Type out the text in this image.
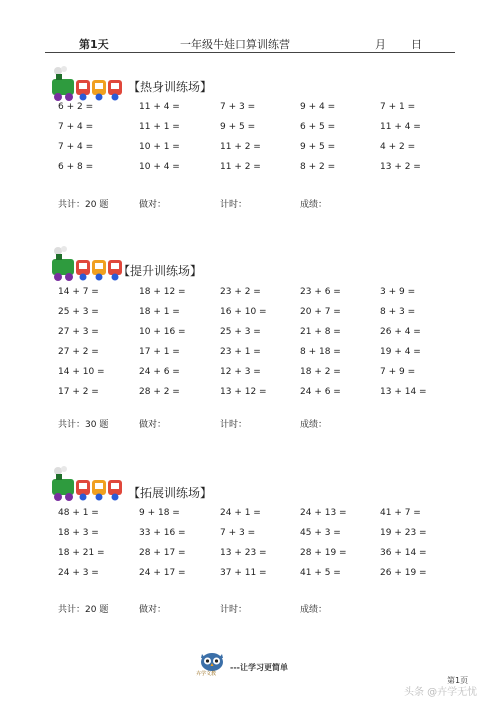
第1天	一年级牛娃口算训练营	月 日
【热身训练场】
6 + 2 =	11 + 4 =	7 + 3 =	9 + 4 =	7 + 1 =
7 + 4 =	11 + 1 =	9 + 5 =	6 + 5 =	11 + 4 =
7 + 4 =	10 + 1 =	11 + 2 =	9 + 5 =	4 + 2 =
6 + 8 =	10 + 4 =	11 + 2 =	8 + 2 =	13 + 2 =
共计：20 题	做对：	计时：	成绩：
【提升训练场】
14 + 7 =	18 + 12 =	23 + 2 =	23 + 6 =	3 + 9 =
25 + 3 =	18 + 1 =	16 + 10 =	20 + 7 =	8 + 3 =
27 + 3 =	10 + 16 =	25 + 3 =	21 + 8 =	26 + 4 =
27 + 2 =	17 + 1 =	23 + 1 =	8 + 18 =	19 + 4 =
14 + 10 =	24 + 6 =	12 + 3 =	18 + 2 =	7 + 9 =
17 + 2 =	28 + 2 =	13 + 12 =	24 + 6 =	13 + 14 =
共计：30 题	做对：	计时：	成绩：
【拓展训练场】
48 + 1 =	9 + 18 =	24 + 1 =	24 + 13 =	41 + 7 =
18 + 3 =	33 + 16 =	7 + 3 =	45 + 3 =	19 + 23 =
18 + 21 =	28 + 17 =	13 + 23 =	28 + 19 =	36 + 14 =
24 + 3 =	24 + 17 =	37 + 11 =	41 + 5 =	26 + 19 =
共计：20 题	做对：	计时：	成绩：
---让学习更简单
卉学文教
第1页
头条 @卉学无忧
